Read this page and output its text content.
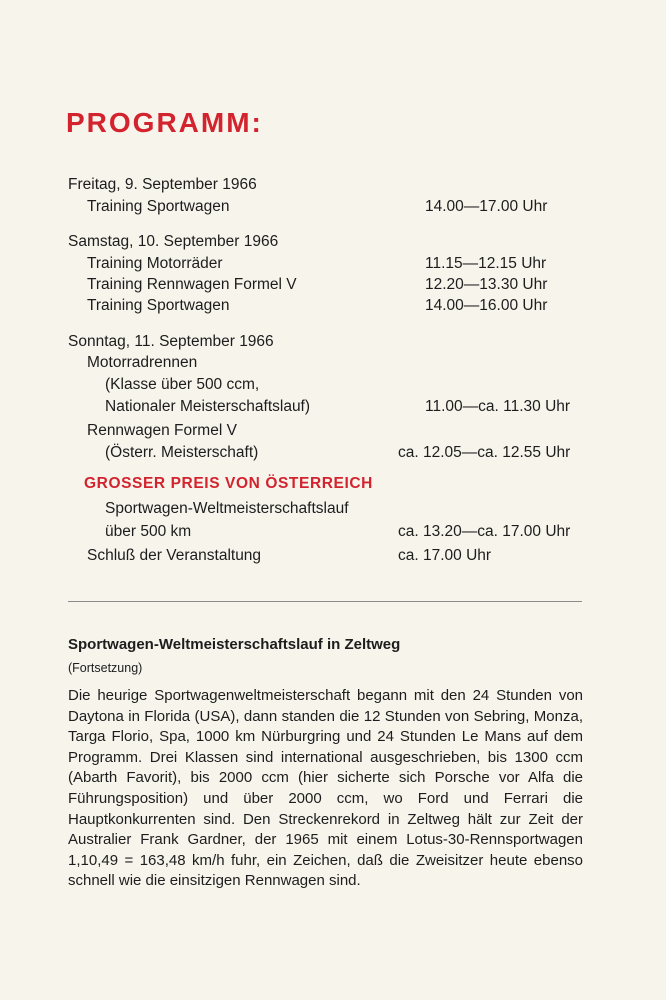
PROGRAMM:
Freitag, 9. September 1966
Training Sportwagen	14.00—17.00 Uhr
Samstag, 10. September 1966
Training Motorräder	11.15—12.15 Uhr
Training Rennwagen Formel V	12.20—13.30 Uhr
Training Sportwagen	14.00—16.00 Uhr
Sonntag, 11. September 1966
Motorradrennen
(Klasse über 500 ccm,
Nationaler Meisterschaftslauf)	11.00—ca. 11.30 Uhr
Rennwagen Formel V
(Österr. Meisterschaft)	ca. 12.05—ca. 12.55 Uhr
GROSSER PREIS VON ÖSTERREICH
Sportwagen-Weltmeisterschaftslauf
über 500 km	ca. 13.20—ca. 17.00 Uhr
Schluß der Veranstaltung	ca. 17.00 Uhr
Sportwagen-Weltmeisterschaftslauf in Zeltweg
(Fortsetzung)

Die heurige Sportwagenweltmeisterschaft begann mit den 24 Stunden von Daytona in Florida (USA), dann standen die 12 Stunden von Sebring, Monza, Targa Florio, Spa, 1000 km Nürburgring und 24 Stunden Le Mans auf dem Programm. Drei Klassen sind international ausgeschrieben, bis 1300 ccm (Abarth Favorit), bis 2000 ccm (hier sicherte sich Porsche vor Alfa die Führungsposition) und über 2000 ccm, wo Ford und Ferrari die Hauptkonkurrenten sind. Den Streckenrekord in Zeltweg hält zur Zeit der Australier Frank Gardner, der 1965 mit einem Lotus-30-Rennsportwagen 1,10,49 = 163,48 km/h fuhr, ein Zeichen, daß die Zweisitzer heute ebenso schnell wie die einsitzigen Rennwagen sind.
